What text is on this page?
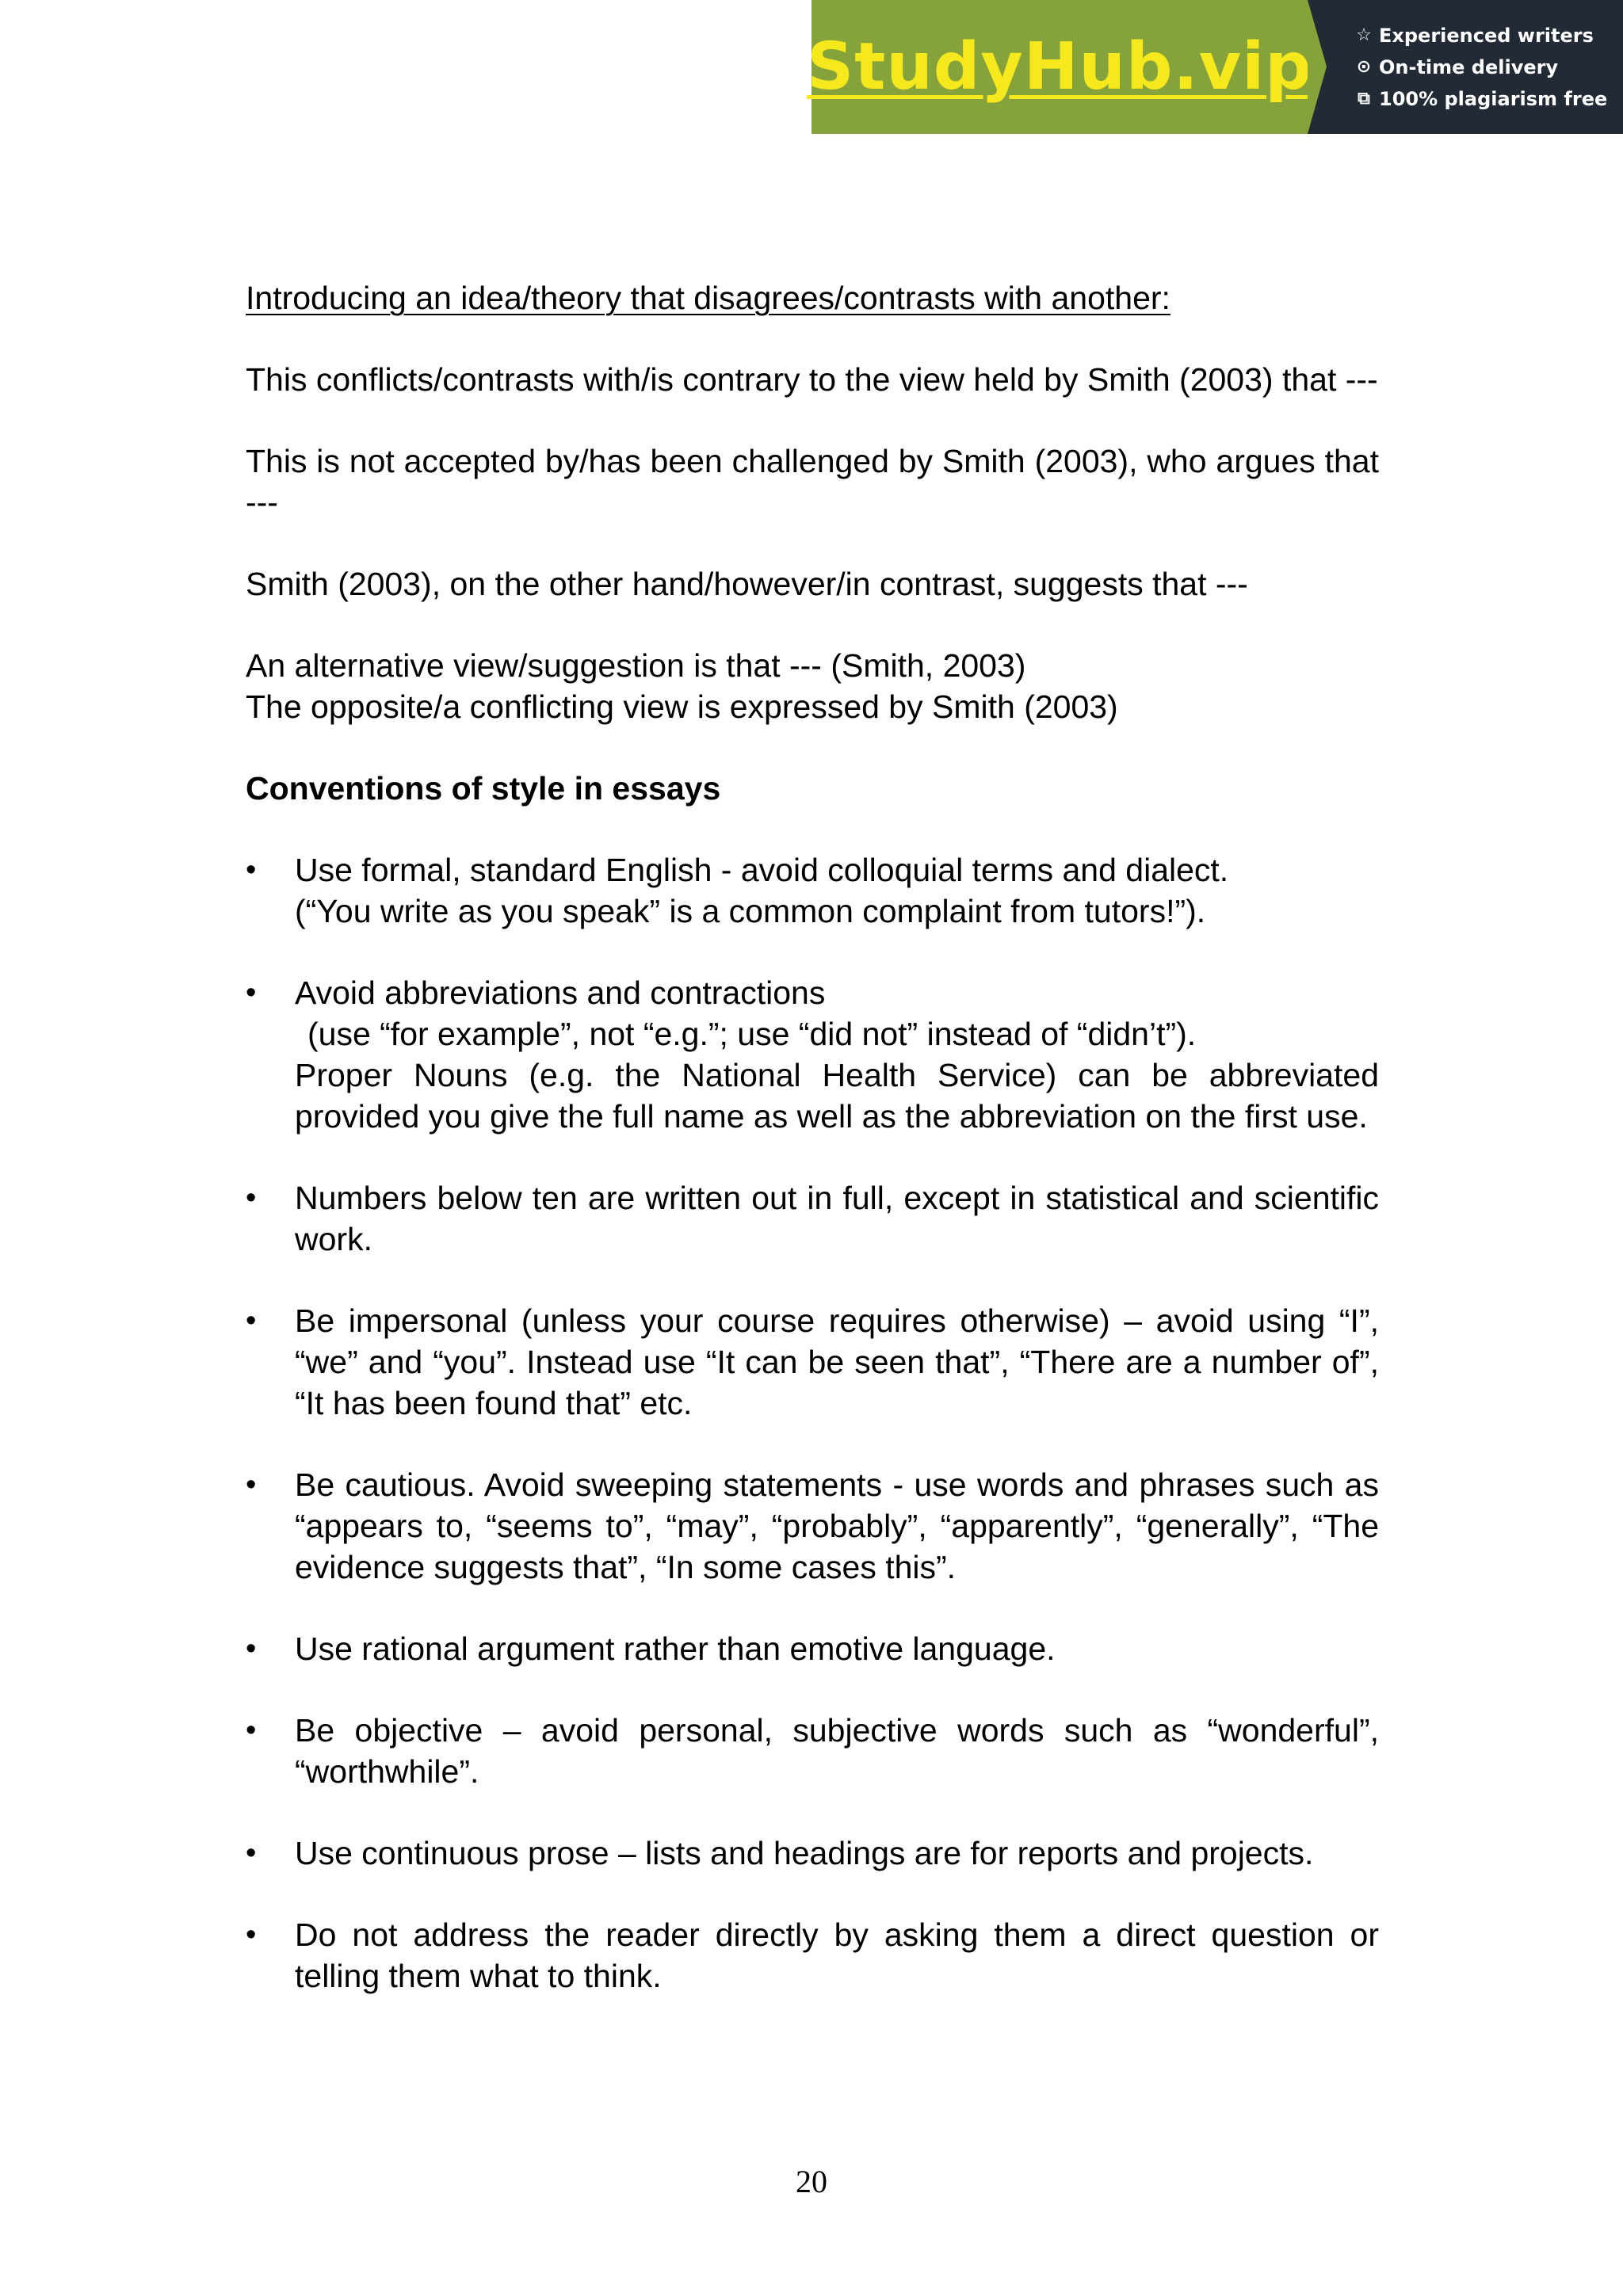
StudyHub.vip	☆ Experienced writers
⊙ On-time delivery
⧉ 100% plagiarism free

Introducing an idea/theory that disagrees/contrasts with another:

This conflicts/contrasts with/is contrary to the view held by Smith (2003) that ---

This is not accepted by/has been challenged by Smith (2003), who argues that ---

Smith (2003), on the other hand/however/in contrast, suggests that ---

An alternative view/suggestion is that --- (Smith, 2003)

The opposite/a conflicting view is expressed by Smith (2003)

Conventions of style in essays

•	Use formal, standard English - avoid colloquial terms and dialect.
(“You write as you speak” is a common complaint from tutors!”).
•	Avoid abbreviations and contractions
(use “for example”, not “e.g.”; use “did not” instead of “didn’t”).
Proper Nouns (e.g. the National Health Service) can be abbreviated provided you give the full name as well as the abbreviation on the first use.
•	Numbers below ten are written out in full, except in statistical and scientific work.
•	Be impersonal (unless your course requires otherwise) – avoid using “I”, “we” and “you”. Instead use “It can be seen that”, “There are a number of”, “It has been found that” etc.
•	Be cautious. Avoid sweeping statements - use words and phrases such as “appears to, “seems to”, “may”, “probably”, “apparently”, “generally”, “The evidence suggests that”, “In some cases this”.
•	Use rational argument rather than emotive language.
•	Be objective – avoid personal, subjective words such as “wonderful”, “worthwhile”.
•	Use continuous prose – lists and headings are for reports and projects.
•	Do not address the reader directly by asking them a direct question or telling them what to think.
20
